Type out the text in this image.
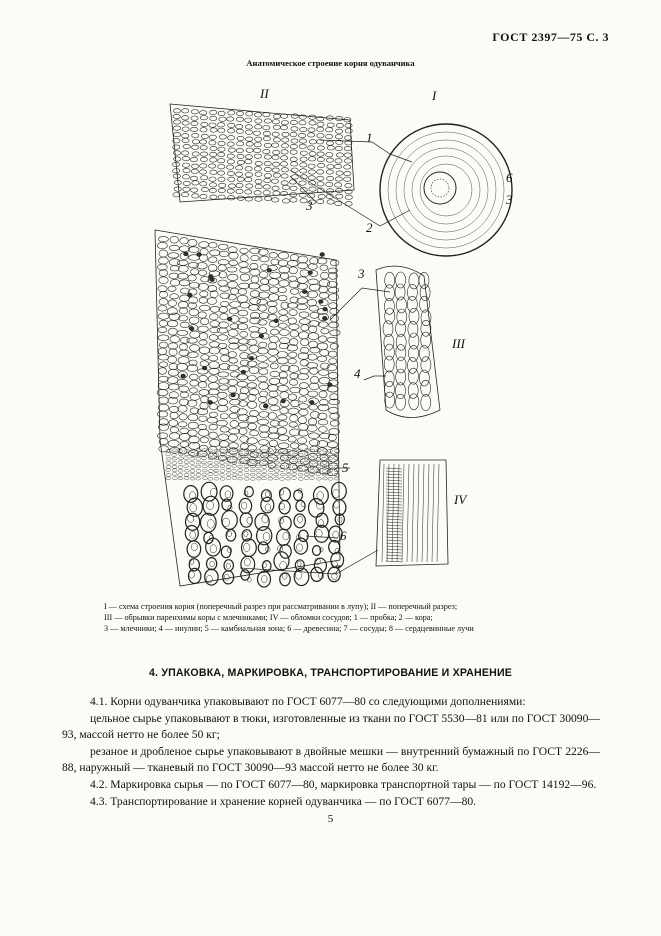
ГОСТ 2397—75 С. 3
Анатомическое строение корня одуванчика
II	I
III
IV
1
6
3
2
3
3
4
5
6
7
I — схема строения корня (поперечный разрез при рассматривании в лупу); II — поперечный разрез;
III — обрывки паренхимы коры с млечниками; IV — обломки сосудов; 1 — пробка; 2 — кора;
3 — млечники; 4 — инулин; 5 — камбиальная зона; 6 — древесина; 7 — сосуды; 8 — сердцевинные лучи
4. УПАКОВКА, МАРКИРОВКА, ТРАНСПОРТИРОВАНИЕ И ХРАНЕНИЕ

4.1. Корни одуванчика упаковывают по ГОСТ 6077—80 со следующими дополнениями:

цельное сырье упаковывают в тюки, изготовленные из ткани по ГОСТ 5530—81 или по ГОСТ 30090—93, массой нетто не более 50 кг;

резаное и дробленое сырье упаковывают в двойные мешки — внутренний бумажный по ГОСТ 2226—88, наружный — тканевый по ГОСТ 30090—93 массой нетто не более 30 кг.

4.2. Маркировка сырья — по ГОСТ 6077—80, маркировка транспортной тары — по ГОСТ 14192—96.

4.3. Транспортирование и хранение корней одуванчика — по ГОСТ 6077—80.

5
